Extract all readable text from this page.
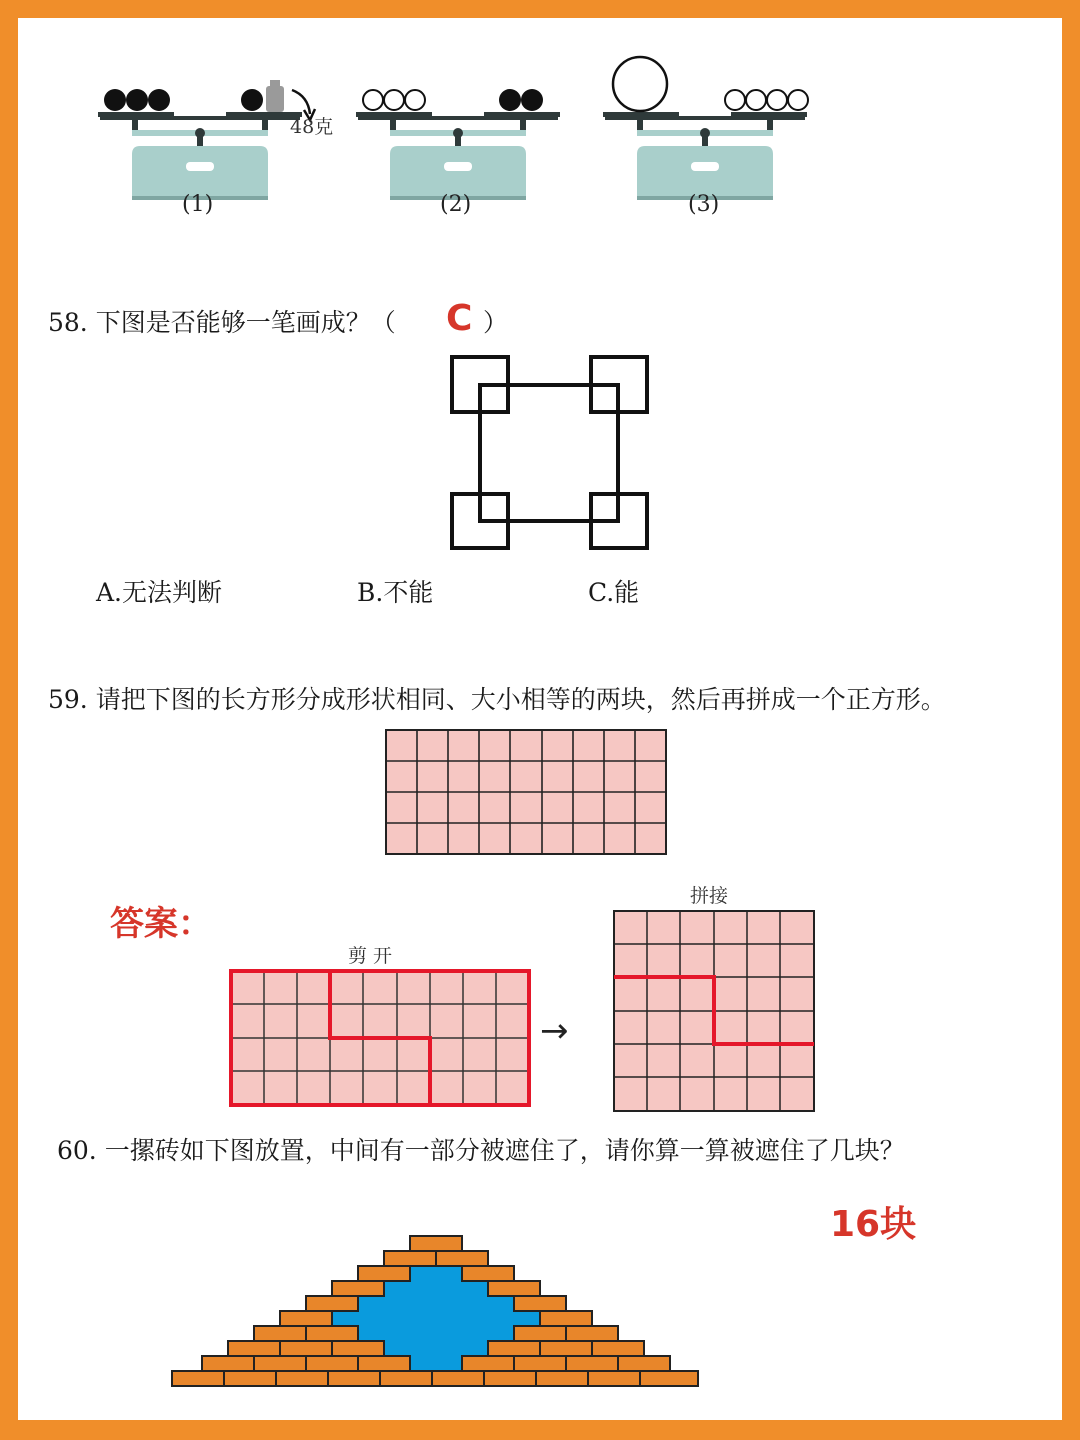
48克
(1)	(2)	(3)
58. 下图是否能够一笔画成？（ C ）
A.无法判断	B.不能	C.能
59. 请把下图的长方形分成形状相同、大小相等的两块，然后再拼成一个正方形。
答案：
剪 开
拼接
→
60. 一摞砖如下图放置，中间有一部分被遮住了，请你算一算被遮住了几块？
16块
